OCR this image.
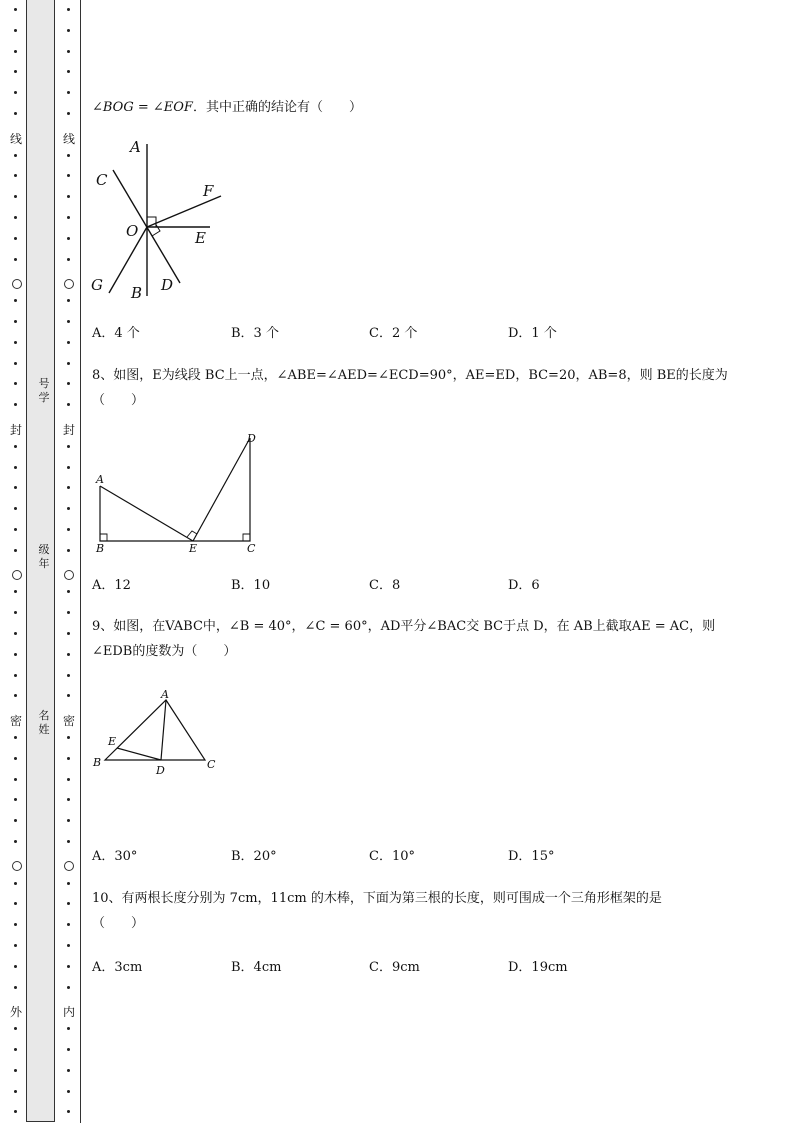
线
封
密
外
线
封
密
内
号学
级年
名姓
∠BOG = ∠EOF．其中正确的结论有（　　）
A
C
F
O	E
G B D
A．4 个	B．3 个	C．2 个	D．1 个
8、如图，E为线段 BC上一点，∠ABE=∠AED=∠ECD=90°，AE=ED，BC=20，AB=8，则 BE的长度为
（　　）
A
B	E	C
D
A．12	B．10	C．8	D．6
9、如图，在VABC中，∠B = 40°，∠C = 60°，AD平分∠BAC交 BC于点 D，在 AB上截取AE = AC，则
∠EDB的度数为（　　）
A
E
B
D	C
A．30°	B．20°	C．10°	D．15°
10、有两根长度分别为 7cm，11cm 的木棒，下面为第三根的长度，则可围成一个三角形框架的是
（　　）
A．3cm	B．4cm	C．9cm	D．19cm
